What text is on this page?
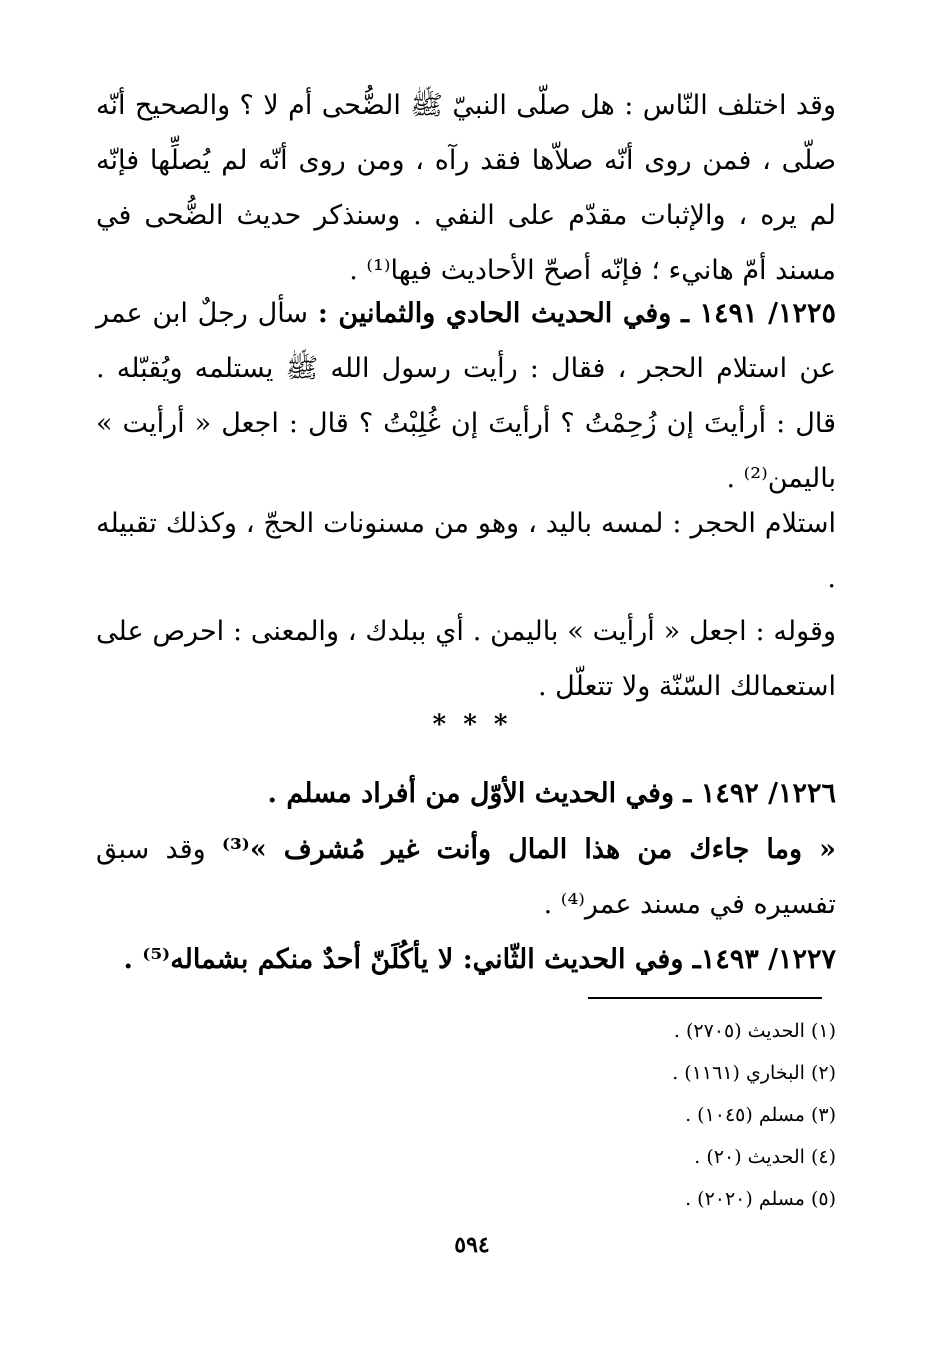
وقد اختلف النّاس : هل صلّى النبيّ ﷺ الضُّحى أم لا ؟ والصحيح أنّه صلّى ، فمن روى أنّه صلاّها فقد رآه ، ومن روى أنّه لم يُصلِّها فإنّه لم يره ، والإثبات مقدّم على النفي . وسنذكر حديث الضُّحى في مسند أمّ هانيء ؛ فإنّه أصحّ الأحاديث فيها⁽¹⁾ .

١٢٢٥/ ١٤٩١ ـ وفي الحديث الحادي والثمانين : سأل رجلٌ ابن عمر عن استلام الحجر ، فقال : رأيت رسول الله ﷺ يستلمه ويُقبّله . قال : أرأيتَ إن زُحِمْتُ ؟ أرأيتَ إن غُلِبْتُ ؟ قال : اجعل « أرأيت » باليمن⁽²⁾ .

استلام الحجر : لمسه باليد ، وهو من مسنونات الحجّ ، وكذلك تقبيله .

وقوله : اجعل « أرأيت » باليمن . أي ببلدك ، والمعنى : احرص على استعمالك السّنّة ولا تتعلّل .

* * *

١٢٢٦/ ١٤٩٢ ـ وفي الحديث الأوّل من أفراد مسلم .

« وما جاءك من هذا المال وأنت غير مُشرف »⁽³⁾ وقد سبق تفسيره في مسند عمر⁽⁴⁾ .

١٢٢٧/ ١٤٩٣ـ وفي الحديث الثّاني: لا يأكُلَنّ أحدٌ منكم بشماله⁽⁵⁾ .

(١) الحديث (٢٧٠٥) .
(٢) البخاري (١١٦١) .
(٣) مسلم (١٠٤٥) .
(٤) الحديث (٢٠) .
(٥) مسلم (٢٠٢٠) .
٥٩٤
